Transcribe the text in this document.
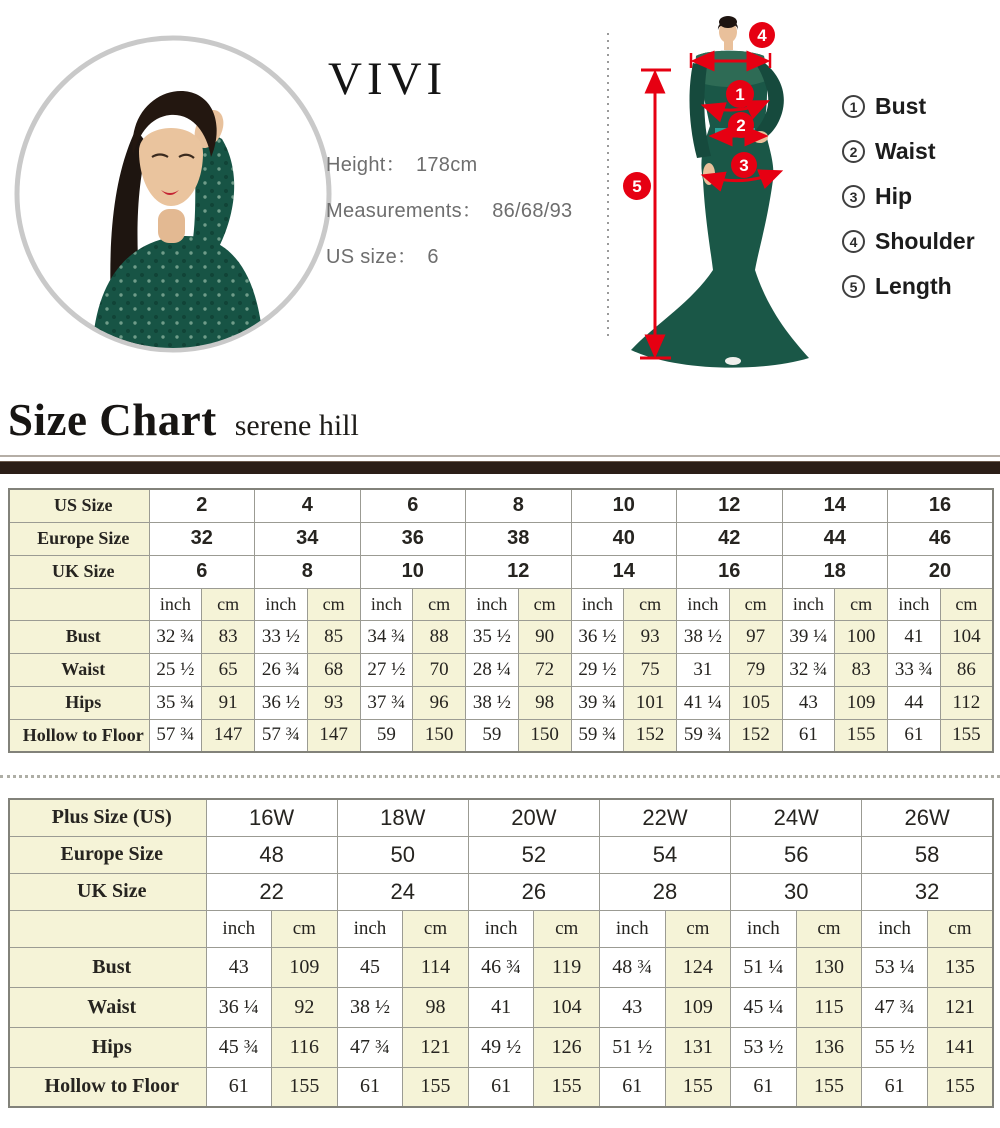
VIVI
Height： 178cm
Measurements： 86/68/93
US size： 6
1
2
3
4
5
1 Bust
2 Waist
3 Hip
4 Shoulder
5 Length
Size Chart serene hill
US Size	2		4		6		8		10		12		14		16	
Europe Size	32		34		36		38		40		42		44		46	
UK Size	6		8		10		12		14		16		18		20	
	inch	cm	inch	cm	inch	cm	inch	cm	inch	cm	inch	cm	inch	cm	inch	cm
Bust	32 ¾	83	33 ½	85	34 ¾	88	35 ½	90	36 ½	93	38 ½	97	39 ¼	100	41	104
Waist	25 ½	65	26 ¾	68	27 ½	70	28 ¼	72	29 ½	75	31	79	32 ¾	83	33 ¾	86
Hips	35 ¾	91	36 ½	93	37 ¾	96	38 ½	98	39 ¾	101	41 ¼	105	43	109	44	112
Hollow to Floor	57 ¾	147	57 ¾	147	59	150	59	150	59 ¾	152	59 ¾	152	61	155	61	155
Plus Size (US)	16W		18W		20W		22W		24W		26W	
Europe Size	48		50		52		54		56		58	
UK Size	22		24		26		28		30		32	
	inch	cm	inch	cm	inch	cm	inch	cm	inch	cm	inch	cm
Bust	43	109	45	114	46 ¾	119	48 ¾	124	51 ¼	130	53 ¼	135
Waist	36 ¼	92	38 ½	98	41	104	43	109	45 ¼	115	47 ¾	121
Hips	45 ¾	116	47 ¾	121	49 ½	126	51 ½	131	53 ½	136	55 ½	141
Hollow to Floor	61	155	61	155	61	155	61	155	61	155	61	155
